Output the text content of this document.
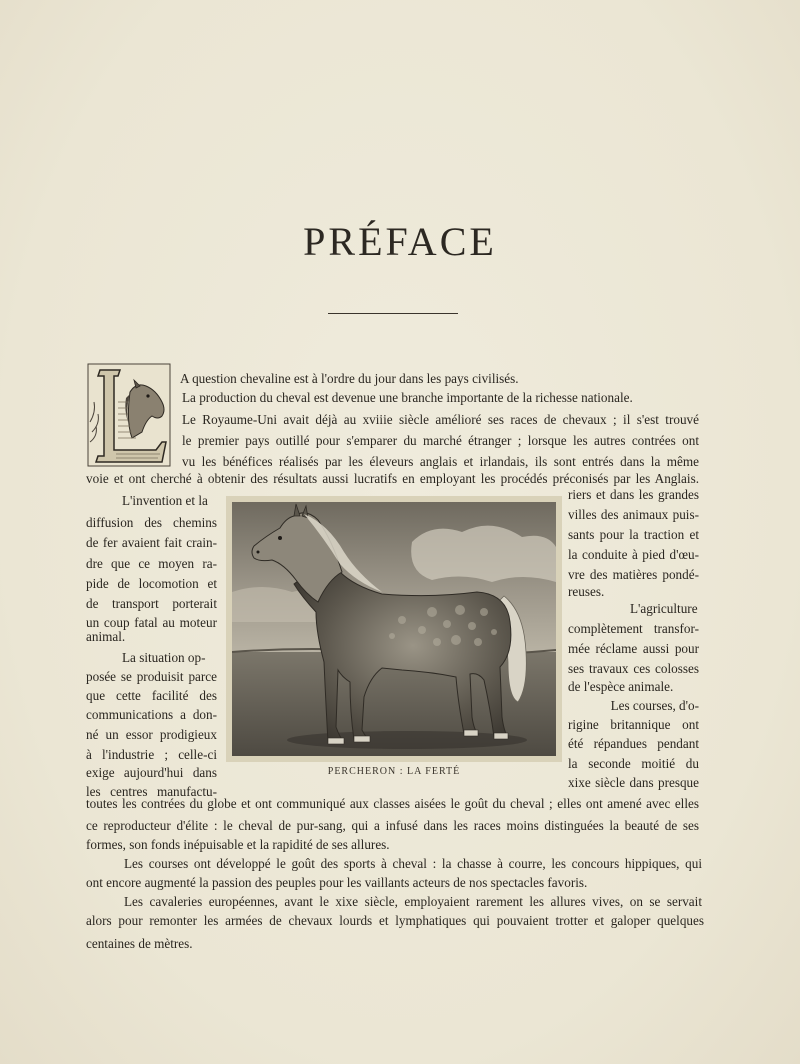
PRÉFACE
A question chevaline est à l'ordre du jour dans les pays civilisés.
La production du cheval est devenue une branche importante de la richesse nationale.
Le Royaume-Uni avait déjà au xviiie siècle amélioré ses races de chevaux ; il s'est trouvé
le premier pays outillé pour s'emparer du marché étranger ; lorsque les autres contrées ont
vu les bénéfices réalisés par les éleveurs anglais et irlandais, ils sont entrés dans la même
voie et ont cherché à obtenir des résultats aussi lucratifs en employant les procédés préconisés par les Anglais.
L'invention et la
diffusion des chemins
de fer avaient fait crain-
dre que ce moyen ra-
pide de locomotion et
de transport porterait
un coup fatal au moteur
animal.
La situation op-
posée se produisit parce
que cette facilité des
communications a don-
né un essor prodigieux
à l'industrie ; celle-ci
exige aujourd'hui dans
les centres manufactu-
PERCHERON : LA FERTÉ
riers et dans les grandes
villes des animaux puis-
sants pour la traction et
la conduite à pied d'œu-
vre des matières pondé-
reuses.
L'agriculture
complètement transfor-
mée réclame aussi pour
ses travaux ces colosses
de l'espèce animale.
Les courses, d'o-
rigine britannique ont
été répandues pendant
la seconde moitié du
xixe siècle dans presque
toutes les contrées du globe et ont communiqué aux classes aisées le goût du cheval ; elles ont amené avec elles
ce reproducteur d'élite : le cheval de pur-sang, qui a infusé dans les races moins distinguées la beauté de ses
formes, son fonds inépuisable et la rapidité de ses allures.
Les courses ont développé le goût des sports à cheval : la chasse à courre, les concours hippiques, qui
ont encore augmenté la passion des peuples pour les vaillants acteurs de nos spectacles favoris.
Les cavaleries européennes, avant le xixe siècle, employaient rarement les allures vives, on se servait
alors pour remonter les armées de chevaux lourds et lymphatiques qui pouvaient trotter et galoper quelques
centaines de mètres.
